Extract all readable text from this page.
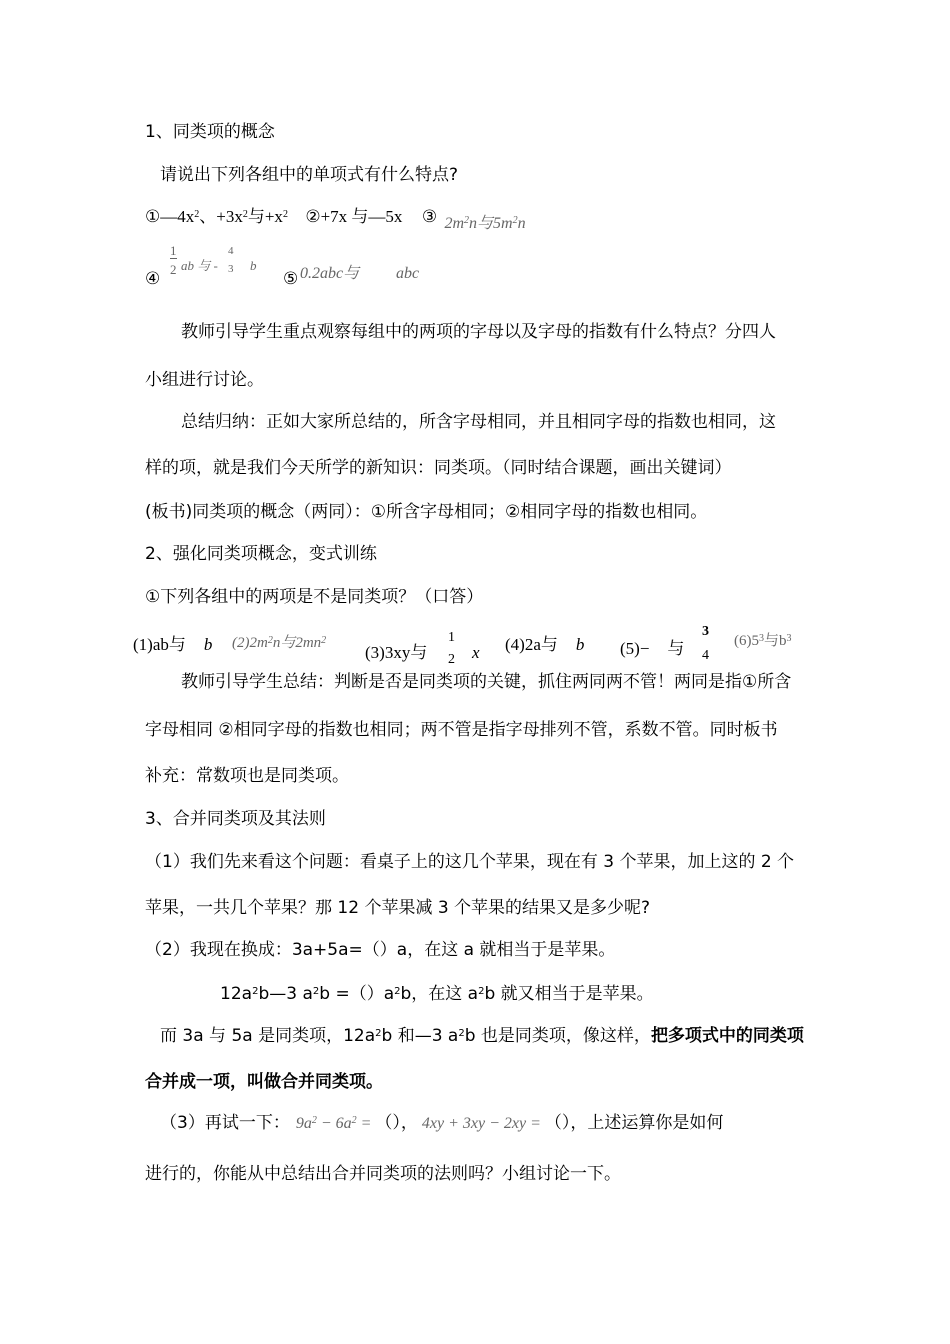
1、同类项的概念
请说出下列各组中的单项式有什么特点?
$①—4x^2$、$+3x^2$与$+x^2$ ②+7x 与—5x ③ $2m^2n$与$5m^2n$
④
$\frac{1}{2}$ ab 与 -
4
3 b
⑤ 0.2abc与 abc
教师引导学生重点观察每组中的两项的字母以及字母的指数有什么特点？分四人
小组进行讨论。
总结归纳：正如大家所总结的，所含字母相同，并且相同字母的指数也相同，这
样的项，就是我们今天所学的新知识：同类项。（同时结合课题，画出关键词）
(板书)同类项的概念（两同）：①所含字母相同；②相同字母的指数也相同。
2、强化同类项概念，变式训练
①下列各组中的两项是不是同类项？（口答）
(1)ab与 b $(2)2m^2n$与$2mn^2$
(3)3xy与
1
2 x (4)2a与 b (5)− 与
3
4
$(6)5^3$与$b^3$
教师引导学生总结：判断是否是同类项的关键，抓住两同两不管！两同是指①所含
字母相同 ②相同字母的指数也相同；两不管是指字母排列不管，系数不管。同时板书
补充：常数项也是同类项。
3、合并同类项及其法则
（1）我们先来看这个问题：看桌子上的这几个苹果，现在有 3 个苹果，加上这的 2 个
苹果，一共几个苹果？那 12 个苹果减 3 个苹果的结果又是多少呢?
（2）我现在换成：3a+5a=（）a，在这 a 就相当于是苹果。
$12a^2b—3$ $a^2b =()a^2b$，在这 $a^2b$ 就又相当于是苹果。
而 3a 与 5a 是同类项，$12a^2b$ 和—3 $a^2b$ 也是同类项，像这样，把多项式中的同类项
合并成一项，叫做合并同类项。
（3）再试一下： $9a^2 - 6a^2$ = （）， 4xy + 3xy − 2xy = （），上述运算你是如何
进行的，你能从中总结出合并同类项的法则吗？小组讨论一下。
